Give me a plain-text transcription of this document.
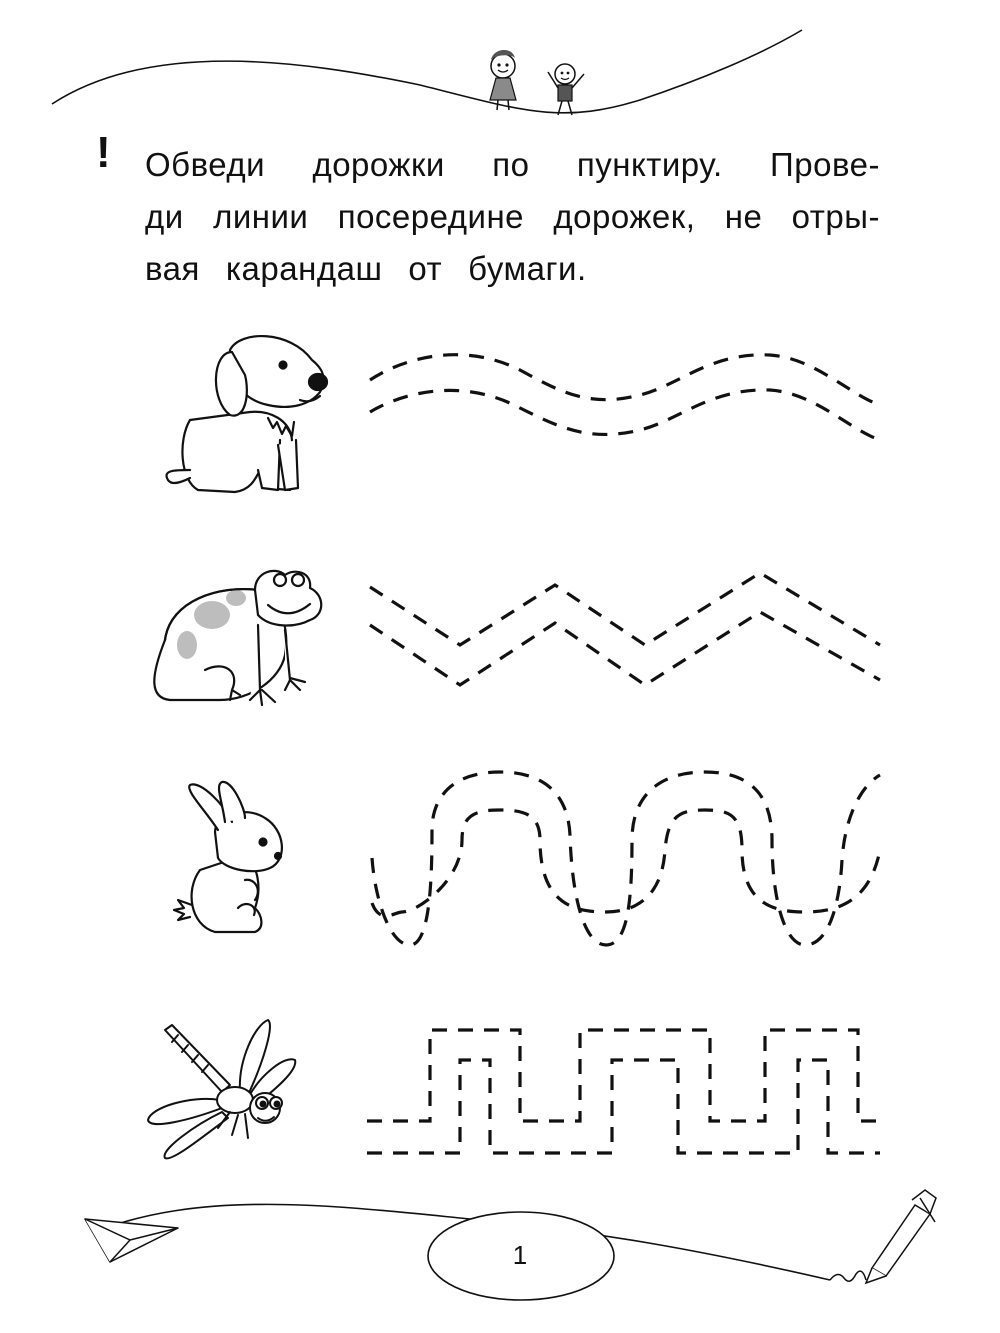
! Обведи дорожки по пунктиру. Прове-
ди линии посередине дорожек, не отры-
вая карандаш от бумаги.
1
